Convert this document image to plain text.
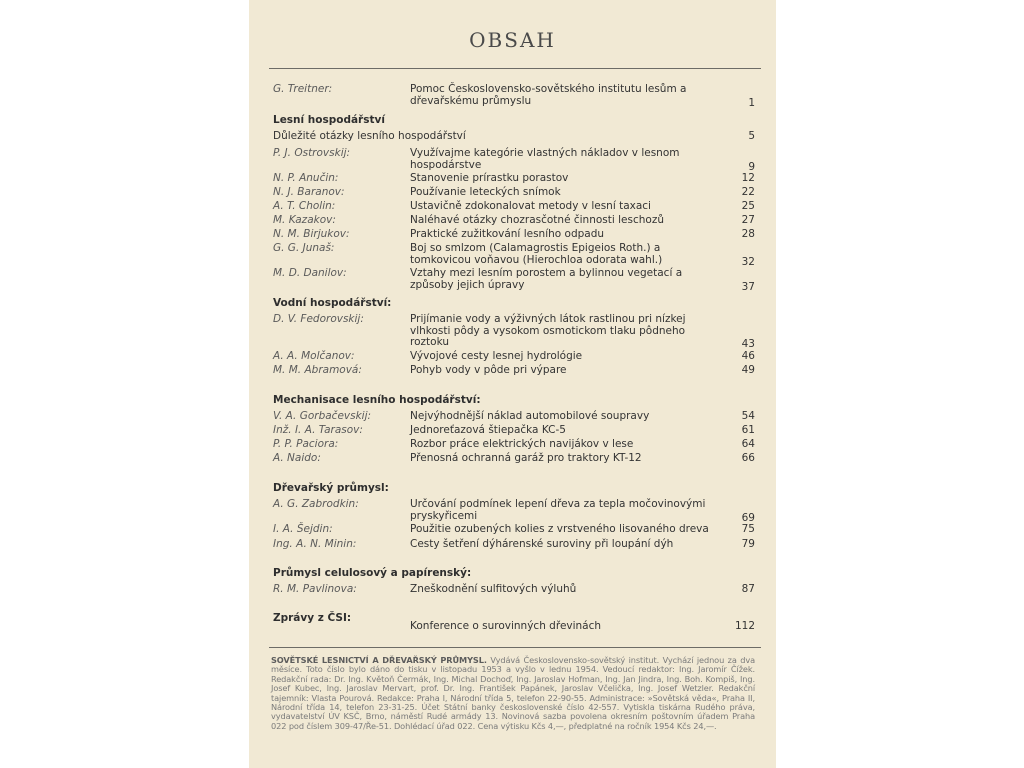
OBSAH
G. Treitner:	Pomoc Československo-sovětského institutu lesům a dřevařskému průmyslu	1
Lesní hospodářství
Důležité otázky lesního hospodářství	5
P. J. Ostrovskij:	Využívajme kategórie vlastných nákladov v lesnom hospodárstve	9
N. P. Anučin:	Stanovenie prírastku porastov	12
N. J. Baranov:	Používanie leteckých snímok	22
A. T. Cholin:	Ustavičně zdokonalovat metody v lesní taxaci	25
M. Kazakov:	Naléhavé otázky chozrasčotné činnosti leschozů	27
N. M. Birjukov:	Praktické zužitkování lesního odpadu	28
G. G. Junaš:	Boj so smlzom (Calamagrostis Epigeios Roth.) a tomkovicou voňavou (Hierochloa odorata wahl.)	32
M. D. Danilov:	Vztahy mezi lesním porostem a bylinnou vegetací a způsoby jejich úpravy	37
Vodní hospodářství:
D. V. Fedorovskij:	Prijímanie vody a výživných látok rastlinou pri nízkej vlhkosti pôdy a vysokom osmotickom tlaku pôdneho roztoku	43
A. A. Molčanov:	Vývojové cesty lesnej hydrológie	46
M. M. Abramová:	Pohyb vody v pôde pri výpare	49
Mechanisace lesního hospodářství:
V. A. Gorbačevskij:	Nejvýhodnější náklad automobilové soupravy	54
Inž. I. A. Tarasov:	Jednoreťazová štiepačka KC-5	61
P. P. Paciora:	Rozbor práce elektrických navijákov v lese	64
A. Naido:	Přenosná ochranná garáž pro traktory KT-12	66
Dřevařský průmysl:
A. G. Zabrodkin:	Určování podmínek lepení dřeva za tepla močovinovými pryskyřicemi	69
I. A. Šejdin:	Použitie ozubených kolies z vrstveného lisovaného dreva	75
Ing. A. N. Minin:	Cesty šetření dýhárenské suroviny při loupání dýh	79
Průmysl celulosový a papírenský:
R. M. Pavlinova:	Zneškodnění sulfitových výluhů	87
Zprávy z ČSI:
Konference o surovinných dřevinách	112
SOVĚTSKÉ LESNICTVÍ A DŘEVAŘSKÝ PRŮMYSL. Vydává Československo-sovětský institut. Vychází jednou za dva měsíce. Toto číslo bylo dáno do tisku v listopadu 1953 a vyšlo v lednu 1954. Vedoucí redaktor: Ing. Jaromír Čížek. Redakční rada: Dr. Ing. Květoň Čermák, Ing. Michal Dochoď, Ing. Jaroslav Hofman, Ing. Jan Jindra, Ing. Boh. Kompiš, Ing. Josef Kubec, Ing. Jaroslav Mervart, prof. Dr. Ing. František Papánek, Jaroslav Včelička, Ing. Josef Wetzler. Redakční tajemník: Vlasta Pourová. Redakce: Praha I, Národní třída 5, telefon 22-90-55. Administrace: »Sovětská věda«, Praha II, Národní třída 14, telefon 23-31-25. Účet Státní banky československé číslo 42-557. Vytiskla tiskárna Rudého práva, vydavatelství ÚV KSČ, Brno, náměstí Rudé armády 13. Novinová sazba povolena okresním poštovním úřadem Praha 022 pod číslem 309-47/Ře-51. Dohlédací úřad 022. Cena výtisku Kčs 4,—, předplatné na ročník 1954 Kčs 24,—.
